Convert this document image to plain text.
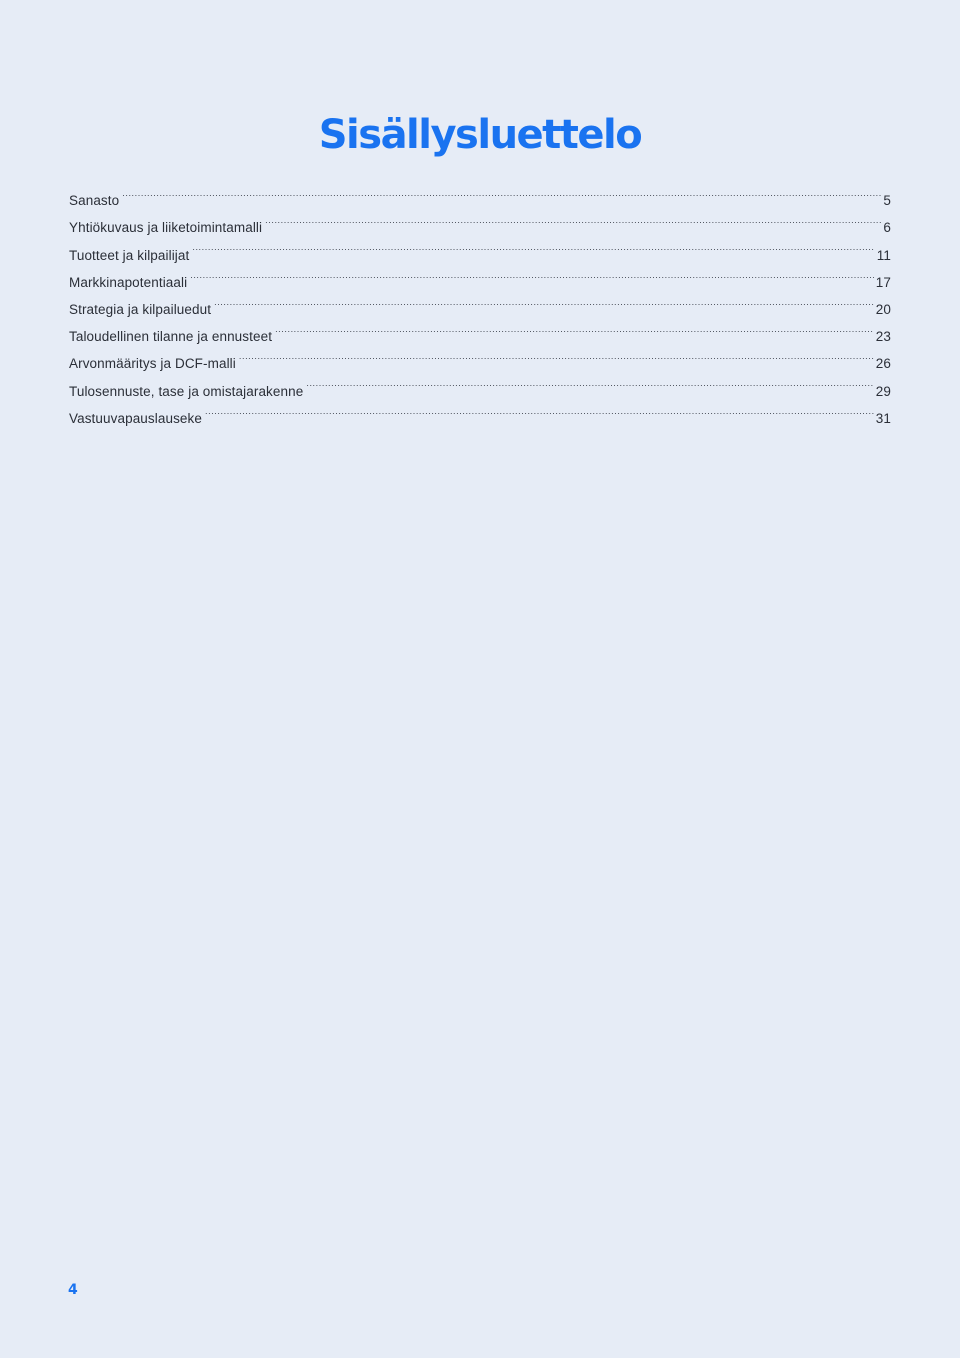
Sisällysluettelo
Sanasto .....	5
Yhtiökuvaus ja liiketoimintamalli .....	6
Tuotteet ja kilpailijat .....	11
Markkinapotentiaali .....	17
Strategia ja kilpailuedut .....	20
Taloudellinen tilanne ja ennusteet .....	23
Arvonmääritys ja DCF-malli .....	26
Tulosennuste, tase ja omistajarakenne .....	29
Vastuuvapauslauseke .....	31
4
